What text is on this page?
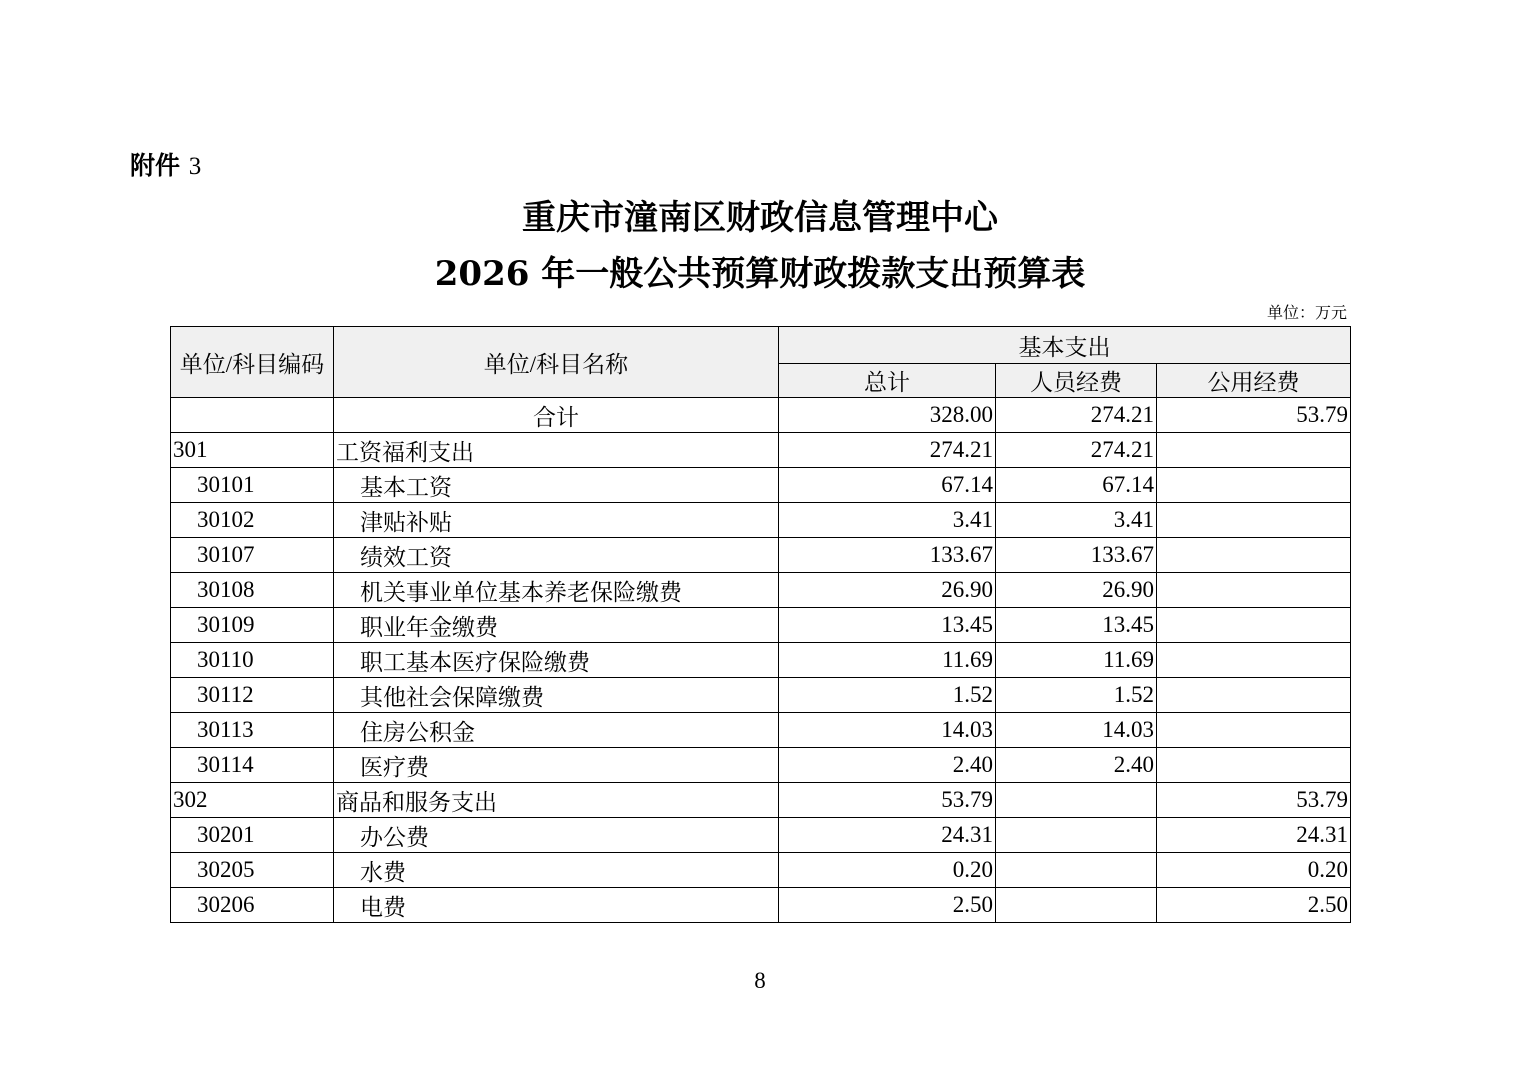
附件 3
重庆市潼南区财政信息管理中心
2026 年一般公共预算财政拨款支出预算表
单位：万元
单位/科目编码	单位/科目名称	基本支出		
		总计	人员经费	公用经费
	合计	328.00	274.21	53.79
301	工资福利支出	274.21	274.21	
30101	基本工资	67.14	67.14	
30102	津贴补贴	3.41	3.41	
30107	绩效工资	133.67	133.67	
30108	机关事业单位基本养老保险缴费	26.90	26.90	
30109	职业年金缴费	13.45	13.45	
30110	职工基本医疗保险缴费	11.69	11.69	
30112	其他社会保障缴费	1.52	1.52	
30113	住房公积金	14.03	14.03	
30114	医疗费	2.40	2.40	
302	商品和服务支出	53.79		53.79
30201	办公费	24.31		24.31
30205	水费	0.20		0.20
30206	电费	2.50		2.50
8
